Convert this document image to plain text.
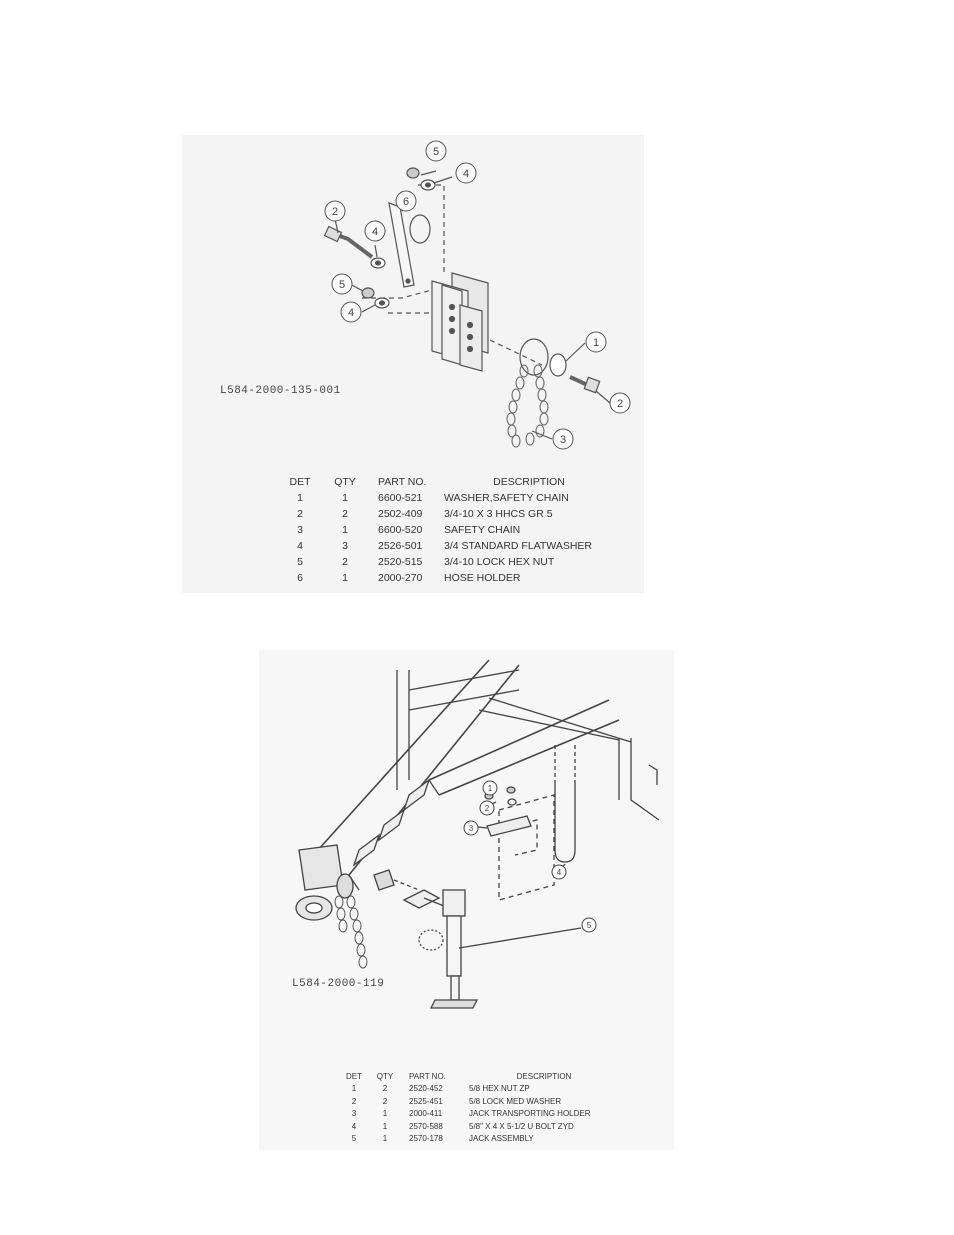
5
4
2
6
4
5
4
1
2
3
L584-2000-135-001
DET	QTY	PART NO.	DESCRIPTION
1	1	6600-521	WASHER,SAFETY CHAIN
2	2	2502-409	3/4-10 X 3 HHCS GR 5
3	1	6600-520	SAFETY CHAIN
4	3	2526-501	3/4 STANDARD FLATWASHER
5	2	2520-515	3/4-10 LOCK HEX NUT
6	1	2000-270	HOSE HOLDER
1
2
3
4
5
L584-2000-119
DET	QTY	PART NO.	DESCRIPTION
1	2	2520-452	5/8 HEX NUT ZP
2	2	2525-451	5/8 LOCK MED WASHER
3	1	2000-411	JACK TRANSPORTING HOLDER
4	1	2570-588	5/8" X 4 X 5-1/2 U BOLT ZYD
5	1	2570-178	JACK ASSEMBLY
